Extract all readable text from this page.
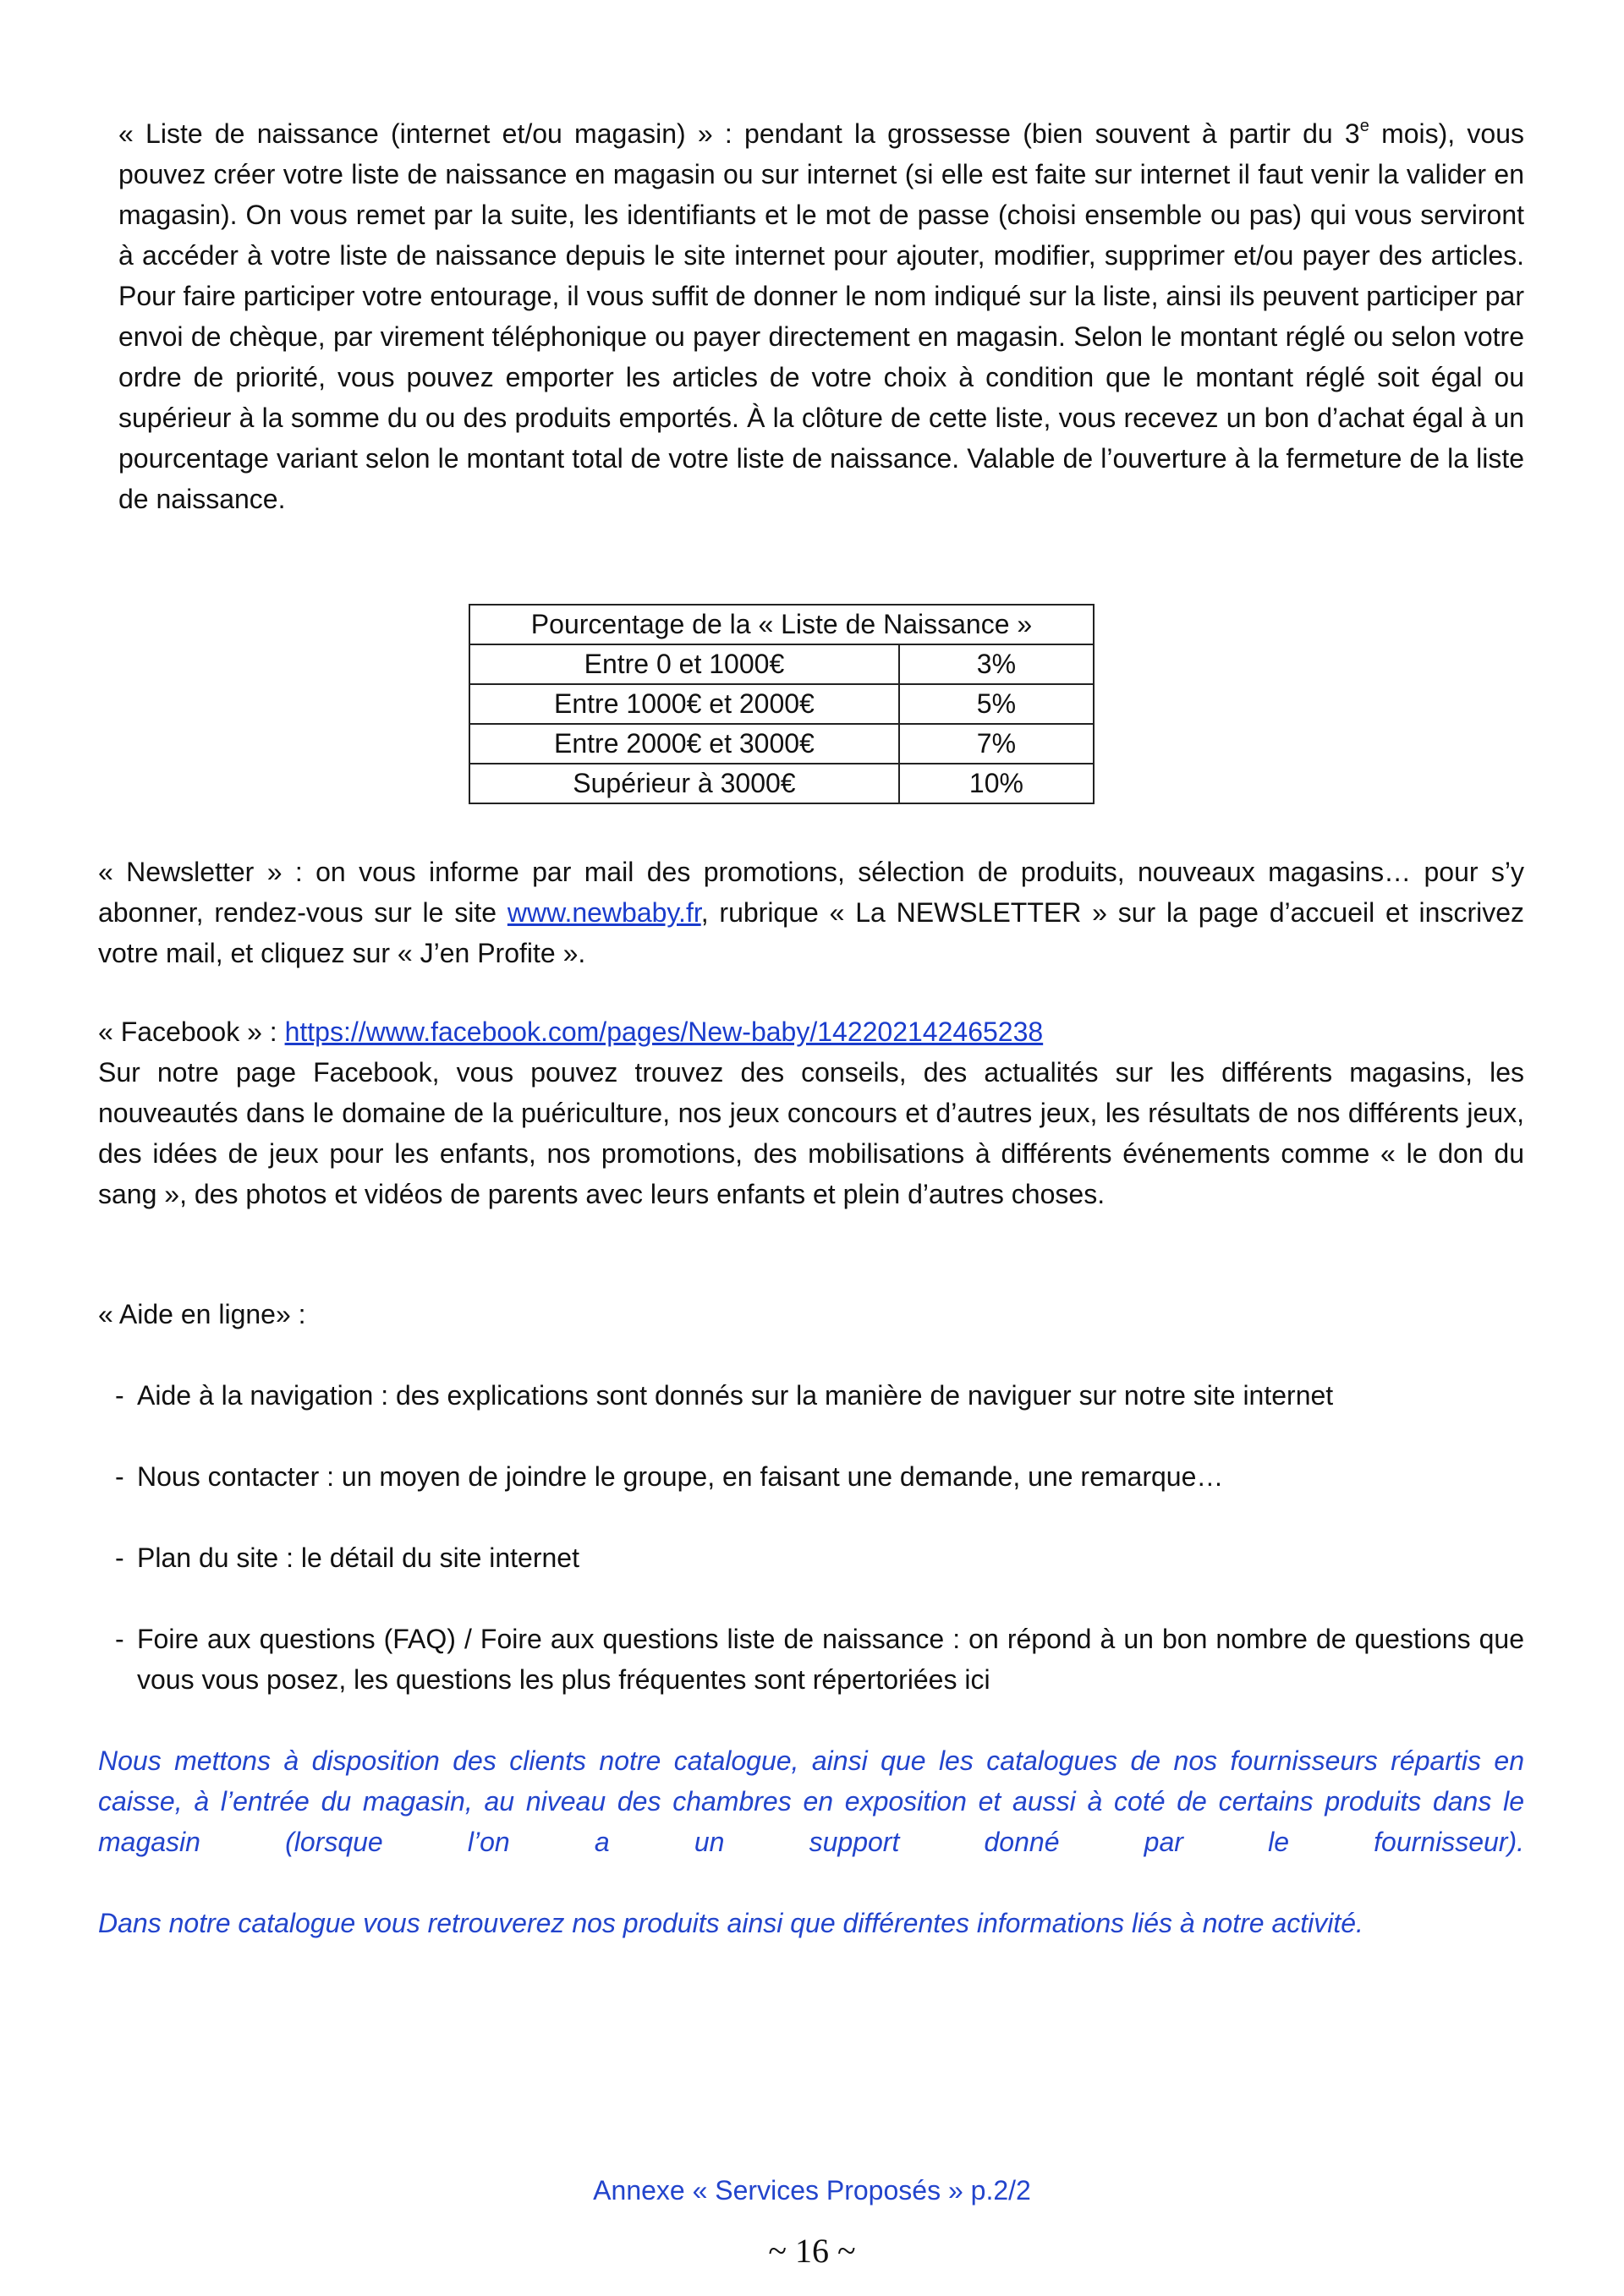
« Liste de naissance (internet et/ou magasin) » : pendant la grossesse (bien souvent à partir du 3e mois), vous pouvez créer votre liste de naissance en magasin ou sur internet (si elle est faite sur internet il faut venir la valider en magasin). On vous remet par la suite, les identifiants et le mot de passe (choisi ensemble ou pas) qui vous serviront à accéder à votre liste de naissance depuis le site internet pour ajouter, modifier, supprimer et/ou payer des articles. Pour faire participer votre entourage, il vous suffit de donner le nom indiqué sur la liste, ainsi ils peuvent participer par envoi de chèque, par virement téléphonique ou payer directement en magasin. Selon le montant réglé ou selon votre ordre de priorité, vous pouvez emporter les articles de votre choix à condition que le montant réglé soit égal ou supérieur à la somme du ou des produits emportés. À la clôture de cette liste, vous recevez un bon d’achat égal à un pourcentage variant selon le montant total de votre liste de naissance. Valable de l’ouverture à la fermeture de la liste de naissance.

Pourcentage de la « Liste de Naissance »	
Entre 0 et 1000€	3%
Entre 1000€ et 2000€	5%
Entre 2000€ et 3000€	7%
Supérieur à 3000€	10%

« Newsletter » : on vous informe par mail des promotions, sélection de produits, nouveaux magasins… pour s’y abonner, rendez-vous sur le site www.newbaby.fr, rubrique « La NEWSLETTER » sur la page d’accueil et inscrivez votre mail, et cliquez sur « J’en Profite ».

« Facebook » : https://www.facebook.com/pages/New-baby/142202142465238

Sur notre page Facebook, vous pouvez trouvez des conseils, des actualités sur les différents magasins, les nouveautés dans le domaine de la puériculture, nos jeux concours et d’autres jeux, les résultats de nos différents jeux, des idées de jeux pour les enfants, nos promotions, des mobilisations à différents événements comme « le don du sang », des photos et vidéos de parents avec leurs enfants et plein d’autres choses.

« Aide en ligne» :

- Aide à la navigation : des explications sont donnés sur la manière de naviguer sur notre site internet
- Nous contacter : un moyen de joindre le groupe, en faisant une demande, une remarque…
- Plan du site : le détail du site internet
- Foire aux questions (FAQ) / Foire aux questions liste de naissance : on répond à un bon nombre de questions que vous vous posez, les questions les plus fréquentes sont répertoriées ici

Nous mettons à disposition des clients notre catalogue, ainsi que les catalogues de nos fournisseurs répartis en caisse, à l’entrée du magasin, au niveau des chambres en exposition et aussi à coté de certains produits dans le magasin (lorsque l’on a un support donné par le fournisseur).

Dans notre catalogue vous retrouverez nos produits ainsi que différentes informations liés à notre activité.

Annexe « Services Proposés » p.2/2
~ 16 ~
